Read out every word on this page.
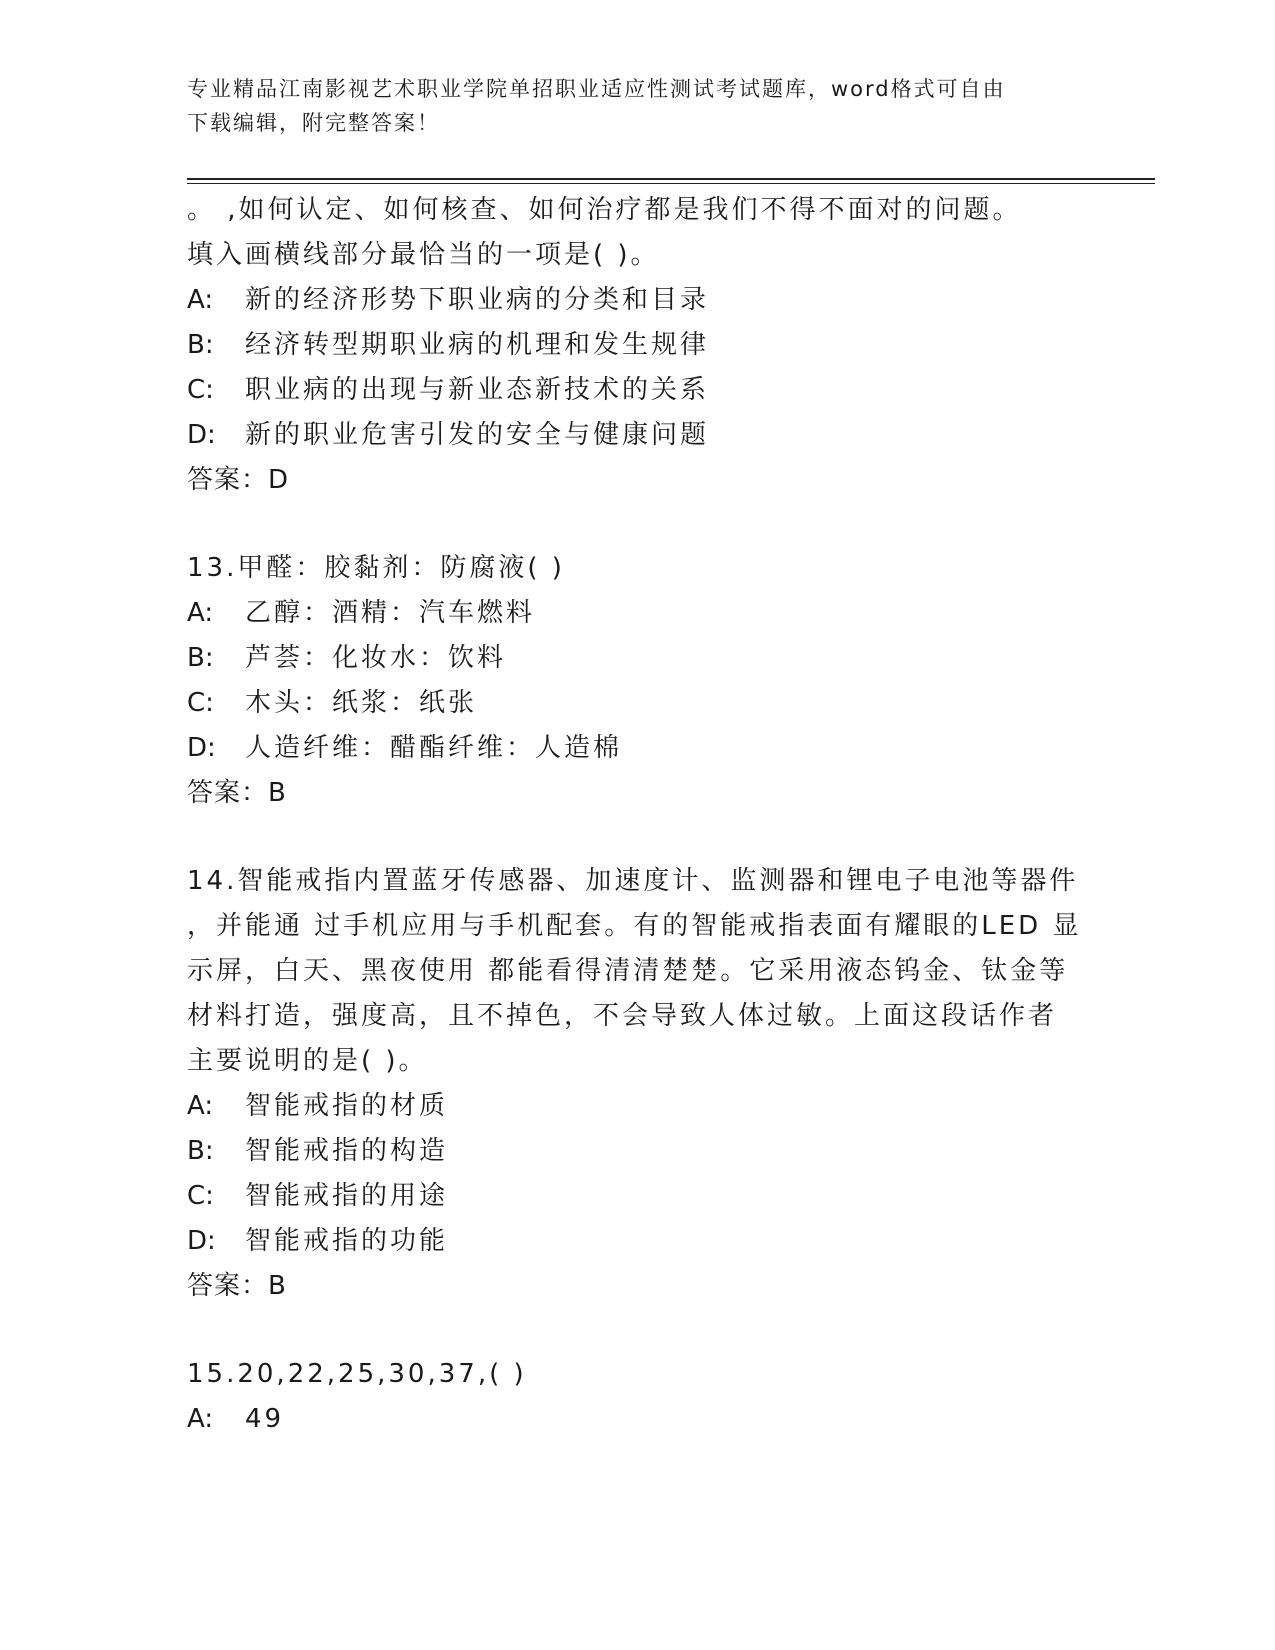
专业精品江南影视艺术职业学院单招职业适应性测试考试题库，word格式可自由
下载编辑，附完整答案！
。 ,如何认定、如何核查、如何治疗都是我们不得不面对的问题。
填入画横线部分最恰当的一项是( )。
A: 新的经济形势下职业病的分类和目录
B: 经济转型期职业病的机理和发生规律
C: 职业病的出现与新业态新技术的关系
D: 新的职业危害引发的安全与健康问题
答案：D
13.甲醛：胶黏剂：防腐液( )
A: 乙醇：酒精：汽车燃料
B: 芦荟：化妆水：饮料
C: 木头：纸浆：纸张
D: 人造纤维：醋酯纤维：人造棉
答案：B
14.智能戒指内置蓝牙传感器、加速度计、监测器和锂电子电池等器件
，并能通 过手机应用与手机配套。有的智能戒指表面有耀眼的LED 显
示屏，白天、黑夜使用 都能看得清清楚楚。它采用液态钨金、钛金等
材料打造，强度高，且不掉色，不会导致人体过敏。上面这段话作者
主要说明的是( )。
A: 智能戒指的材质
B: 智能戒指的构造
C: 智能戒指的用途
D: 智能戒指的功能
答案：B
15.20,22,25,30,37,( )
A: 49
